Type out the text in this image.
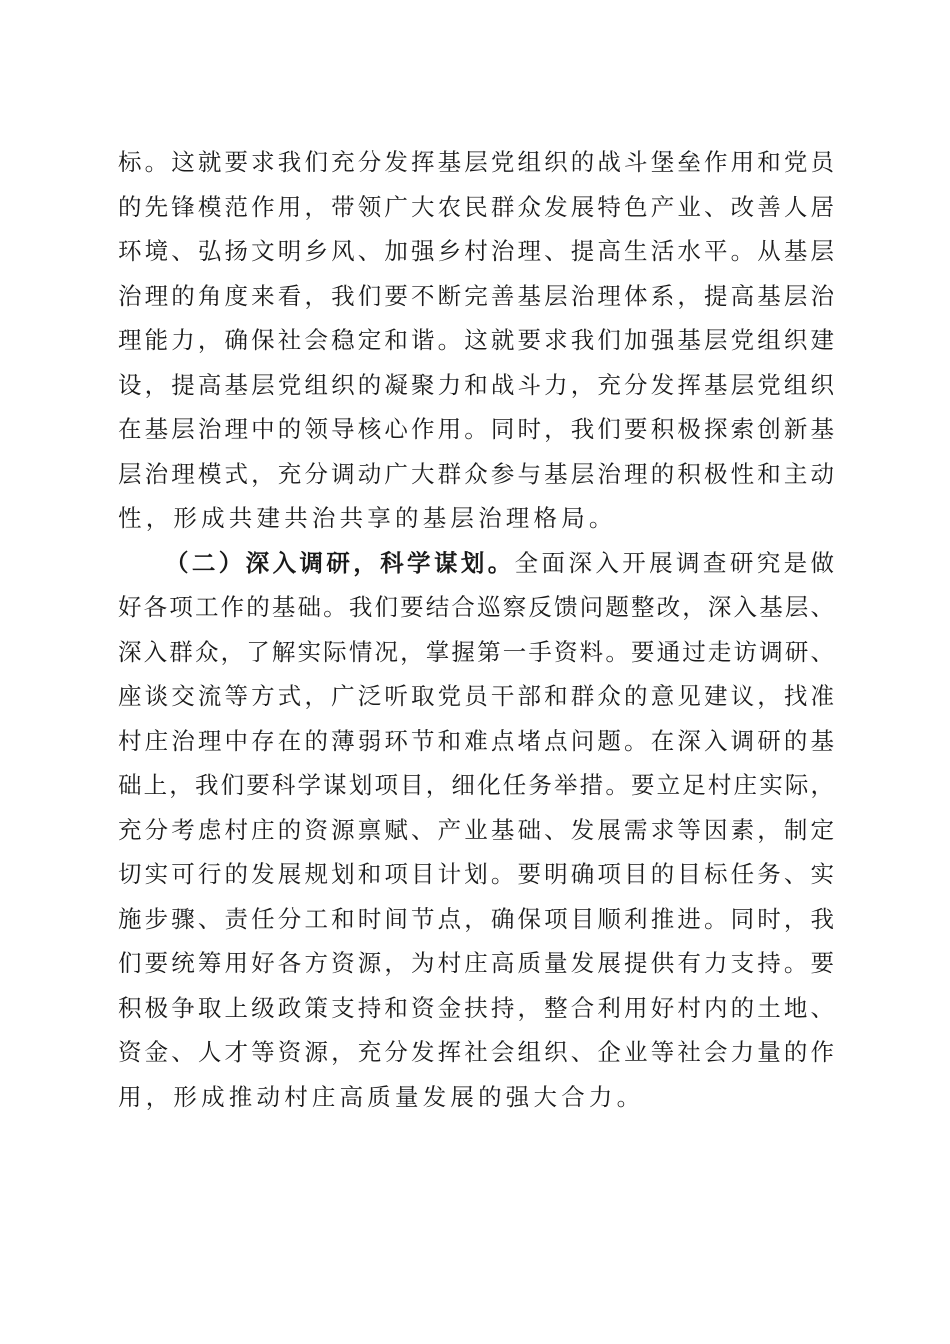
标。这就要求我们充分发挥基层党组织的战斗堡垒作用和党员
的先锋模范作用，带领广大农民群众发展特色产业、改善人居
环境、弘扬文明乡风、加强乡村治理、提高生活水平。从基层
治理的角度来看，我们要不断完善基层治理体系，提高基层治
理能力，确保社会稳定和谐。这就要求我们加强基层党组织建
设，提高基层党组织的凝聚力和战斗力，充分发挥基层党组织
在基层治理中的领导核心作用。同时，我们要积极探索创新基
层治理模式，充分调动广大群众参与基层治理的积极性和主动
性，形成共建共治共享的基层治理格局。
（二）深入调研，科学谋划。全面深入开展调查研究是做
好各项工作的基础。我们要结合巡察反馈问题整改，深入基层、
深入群众，了解实际情况，掌握第一手资料。要通过走访调研、
座谈交流等方式，广泛听取党员干部和群众的意见建议，找准
村庄治理中存在的薄弱环节和难点堵点问题。在深入调研的基
础上，我们要科学谋划项目，细化任务举措。要立足村庄实际，
充分考虑村庄的资源禀赋、产业基础、发展需求等因素，制定
切实可行的发展规划和项目计划。要明确项目的目标任务、实
施步骤、责任分工和时间节点，确保项目顺利推进。同时，我
们要统筹用好各方资源，为村庄高质量发展提供有力支持。要
积极争取上级政策支持和资金扶持，整合利用好村内的土地、
资金、人才等资源，充分发挥社会组织、企业等社会力量的作
用，形成推动村庄高质量发展的强大合力。
